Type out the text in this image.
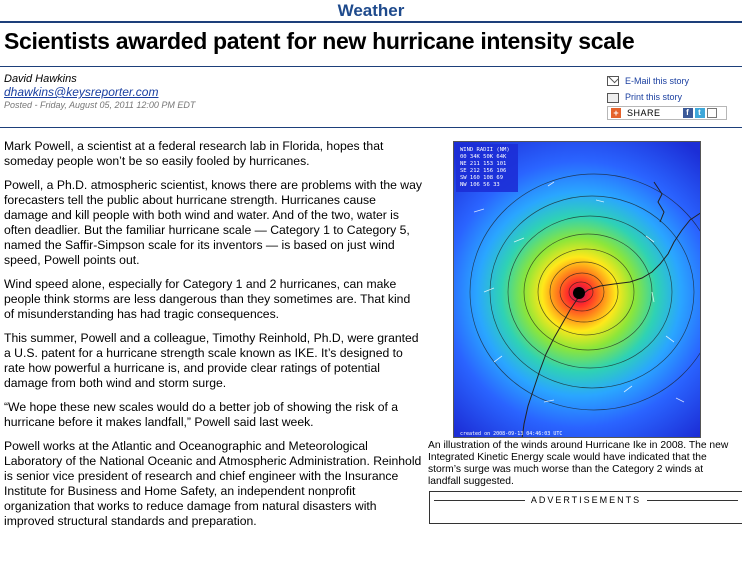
Weather
Scientists awarded patent for new hurricane intensity scale
David Hawkins
dhawkins@keysreporter.com
Posted - Friday, August 05, 2011 12:00 PM EDT
E-Mail this story
Print this story
+ SHARE	f	t

Mark Powell, a scientist at a federal research lab in Florida, hopes that someday people won’t be so easily fooled by hurricanes.

Powell, a Ph.D. atmospheric scientist, knows there are problems with the way forecasters tell the public about hurricane strength. Hurricanes cause damage and kill people with both wind and water. And of the two, water is often deadlier. But the familiar hurricane scale — Category 1 to Category 5, named the Saffir-Simpson scale for its inventors — is based on just wind speed, Powell points out.

Wind speed alone, especially for Category 1 and 2 hurricanes, can make people think storms are less dangerous than they sometimes are. That kind of misunderstanding has had tragic consequences.

This summer, Powell and a colleague, Timothy Reinhold, Ph.D, were granted a U.S. patent for a hurricane strength scale known as IKE. It’s designed to rate how powerful a hurricane is, and provide clear ratings of potential damage from both wind and storm surge.

“We hope these new scales would do a better job of showing the risk of a hurricane before it makes landfall,” Powell said last week.

Powell works at the Atlantic and Oceanographic and Meteorological Laboratory of the National Oceanic and Atmospheric Administration. Reinhold is senior vice president of research and chief engineer with the Insurance Institute for Business and Home Safety, an independent nonprofit organization that works to reduce damage from natural disasters with improved structural standards and preparation.

WIND RADII (NM)
00 34K 50K 64K
NE 211 153 101
SE 212 156 106
SW 160 108 69
NW 106 56 33
created on 2008-09-13 04:46:03 UTC
An illustration of the winds around Hurricane Ike in 2008. The new Integrated Kinetic Energy scale would have indicated that the storm’s surge was much worse than the Category 2 winds at landfall suggested.
ADVERTISEMENTS
